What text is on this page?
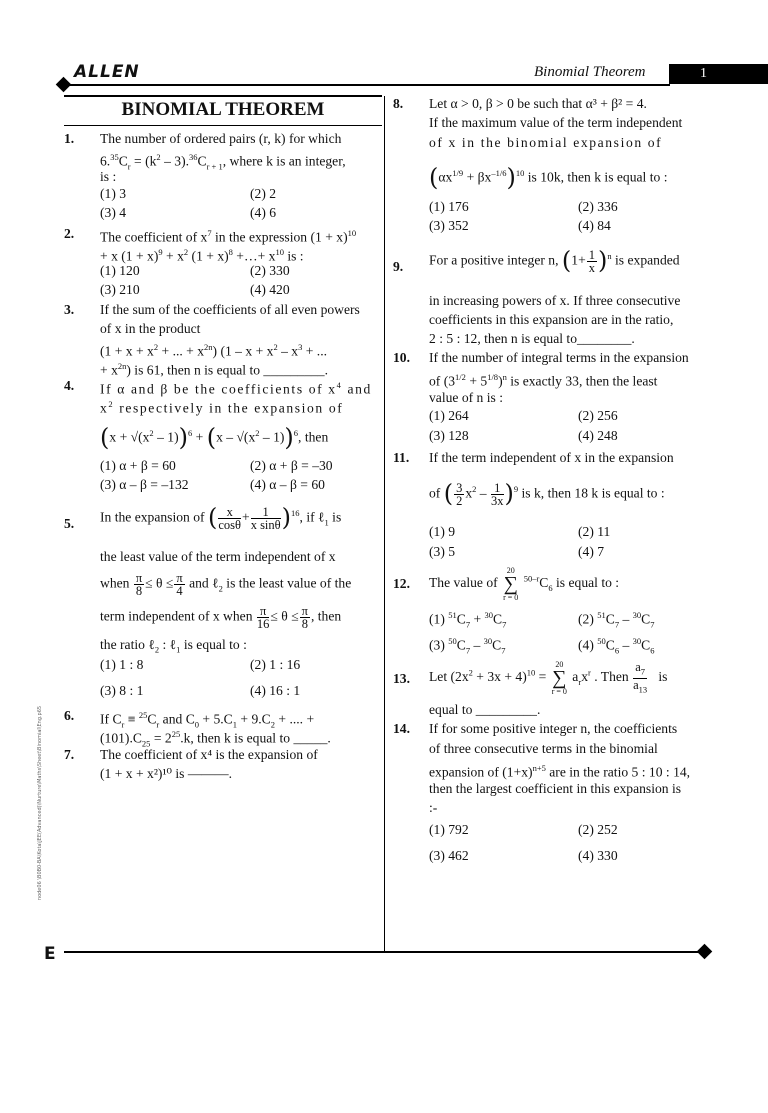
ALLEN	Binomial Theorem	1
BINOMIAL THEOREM
1. The number of ordered pairs (r, k) for which
$6.35C_r = (k^2 - 3).^{36}C_{r + 1}$, where k is an integer,
is :
(1) 3	(2) 2
(3) 4	(4) 6
2. The coefficient of $x^7$ in the expression $(1 + x)^{10}$
+ x $(1 + x)^9 + x^2$ $(1 + x)^8$ +…+ $x^{10}$ is :
(1) 120	(2) 330
(3) 210	(4) 420
3. If the sum of the coefficients of all even powers
of x in the product
($1 + x + x^2$ + ... + $x^{2n}$) ($1 - x + x^2 - x^3$ + ...
+ $x^{2n}$) is 61, then n is equal to _________.
4. If α and β be the coefficients of $x^4$ and
$x^2$ respectively in the expansion of
$(x + √(x^2 - 1))^6 + (x - √(x^2 - 1))^6$, then
(1) α + β = 60	(2) α + β = –30
(3) α – β = –132	(4) α – β = 60
5. In the expansion of ( $\frac{x}{\cos\theta} + \frac{1}{\text{x sinθ}} )^{16}$, if ℓ$_1$ is
the least value of the term independent of x
when $\frac{\pi}{8} \le \theta \le \frac{\pi}{4}$ and ℓ$_2$ is the least value of the
term independent of x when $\frac{\pi}{16} \le \theta \le \frac{\pi}{8}$ , then
the ratio ℓ$_2$ : ℓ$_1$ is equal to :
(1) 1 : 8	(2) 1 : 16
(3) 8 : 1	(4) 16 : 1
6. If $C_r \equiv ^{25}C_r$ and $C_0 + 5.C_1 + 9.C_2$ + .... +
$(101).C_{25} = 2^{25}.k$, then k is equal to _____.
7. The coefficient of x⁴ is the expansion of
(1 + x + x²)¹⁰ is ———.
8. Let α > 0, β > 0 be such that α³ + β² = 4.
If the maximum value of the term independent
of x in the binomial expansion of
$(\alpha x^{1/9} + \beta x^{-1/6})^{10}$ is 10k, then k is equal to :
(1) 176	(2) 336
(3) 352	(4) 84
9. For a positive integer n, $(1+ \frac{1}{x} )^n$ is expanded
in increasing powers of x. If three consecutive
coefficients in this expansion are in the ratio,
2 : 5 : 12, then n is equal to________.
10. If the number of integral terms in the expansion
of $(3^{1/2} + 5^{1/8})^n$ is exactly 33, then the least
value of n is :
(1) 264	(2) 256
(3) 128	(4) 248
11. If the term independent of x in the expansion
of ( $\frac{3}{2} x^2 - \frac{1}{3x} )^9$ is k, then 18 k is equal to :
(1) 9	(2) 11
(3) 5	(4) 7
12. The value of 20
∑
r = 0 $^{50-r}C_6$ is equal to :
(1) $^{51}C_7 + ^{30}C_7$	(2) $^{51}C_7 - ^{30}C_7$
(3) $^{50}C_7 - ^{30}C_7$	(4) $^{50}C_6 - ^{30}C_6$
13. Let $(2x^2 + 3x + 4)^{10} = 20$
∑
r = 0 $a_rx^r$ . Then $\frac{a_7}{a_{13}}$ is
equal to _________.
14. If for some positive integer n, the coefficients
of three consecutive terms in the binomial
expansion of $(1+x)^{n+5}$ are in the ratio 5 : 10 : 14,
then the largest coefficient in this expansion is
:-
(1) 792	(2) 252
(3) 462	(4) 330
node06 \B0B0-BA\Kota\JEE(Advanced)\Nurture\Maths\Sheet\Binomial\Eng.p65
E
